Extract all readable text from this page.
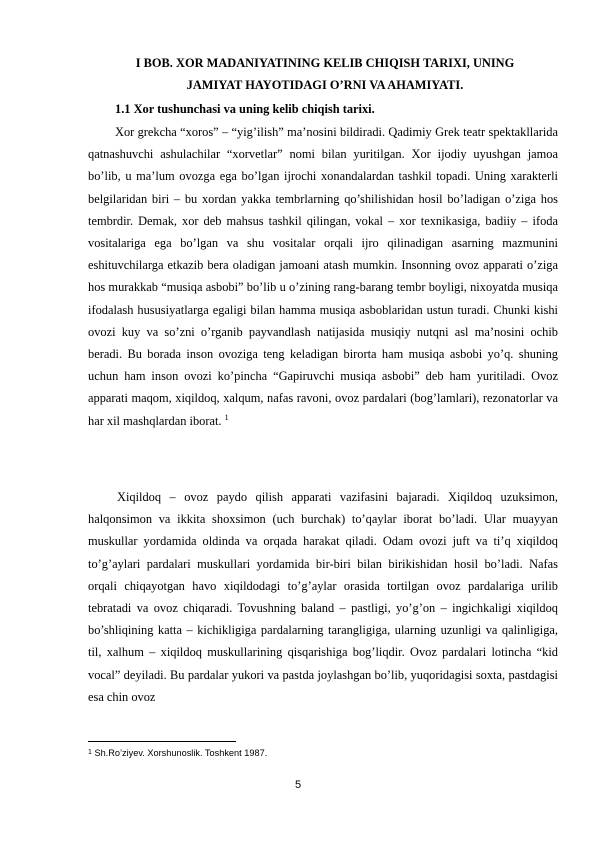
I BOB. XOR MADANIYATINING KELIB CHIQISH TARIXI, UNING
JAMIYAT HAYOTIDAGI O’RNI VA AHAMIYATI.
1.1 Xor tushunchasi va uning kelib chiqish tarixi.

Xor grekcha “xoros” – “yig’ilish” ma’nosini bildiradi. Qadimiy Grek teatr spektakllarida qatnashuvchi ashulachilar “xorvetlar” nomi bilan yuritilgan. Xor ijodiy uyushgan jamoa bo’lib, u ma’lum ovozga ega bo’lgan ijrochi xonandalardan tashkil topadi. Uning xarakterli belgilaridan biri – bu xordan yakka tembrlarning qo’shilishidan hosil bo’ladigan o’ziga hos tembrdir. Demak, xor deb mahsus tashkil qilingan, vokal – xor texnikasiga, badiiy – ifoda vositalariga ega bo’lgan va shu vositalar orqali ijro qilinadigan asarning mazmunini eshituvchilarga etkazib bera oladigan jamoani atash mumkin. Insonning ovoz apparati o’ziga hos murakkab “musiqa asbobi” bo’lib u o’zining rang-barang tembr boyligi, nixoyatda musiqa ifodalash hususiyatlarga egaligi bilan hamma musiqa asboblaridan ustun turadi. Chunki kishi ovozi kuy va so’zni o’rganib payvandlash natijasida musiqiy nutqni asl ma’nosini ochib beradi. Bu borada inson ovoziga teng keladigan birorta ham musiqa asbobi yo’q. shuning uchun ham inson ovozi ko’pincha “Gapiruvchi musiqa asbobi” deb ham yuritiladi. Ovoz apparati maqom, xiqildoq, xalqum, nafas ravoni, ovoz pardalari (bog’lamlari), rezonatorlar va har xil mashqlardan iborat. $^1$

Xiqildoq – ovoz paydo qilish apparati vazifasini bajaradi. Xiqildoq uzuksimon, halqonsimon va ikkita shoxsimon (uch burchak) to’qaylar iborat bo’ladi. Ular muayyan muskullar yordamida oldinda va orqada harakat qiladi. Odam ovozi juft va ti’q xiqildoq to’g’aylari pardalari muskullari yordamida bir-biri bilan birikishidan hosil bo’ladi. Nafas orqali chiqayotgan havo xiqildodagi to’g’aylar orasida tortilgan ovoz pardalariga urilib tebratadi va ovoz chiqaradi. Tovushning baland – pastligi, yo’g’on – ingichkaligi xiqildoq bo’shliqining katta – kichikligiga pardalarning tarangligiga, ularning uzunligi va qalinligiga, til, xalhum – xiqildoq muskullarining qisqarishiga bog’liqdir. Ovoz pardalari lotincha “kid vocal” deyiladi. Bu pardalar yukori va pastda joylashgan bo’lib, yuqoridagisi soxta, pastdagisi esa chin ovoz

$^1$ Sh.Ro’ziyev. Xorshunoslik. Toshkent 1987.
5
